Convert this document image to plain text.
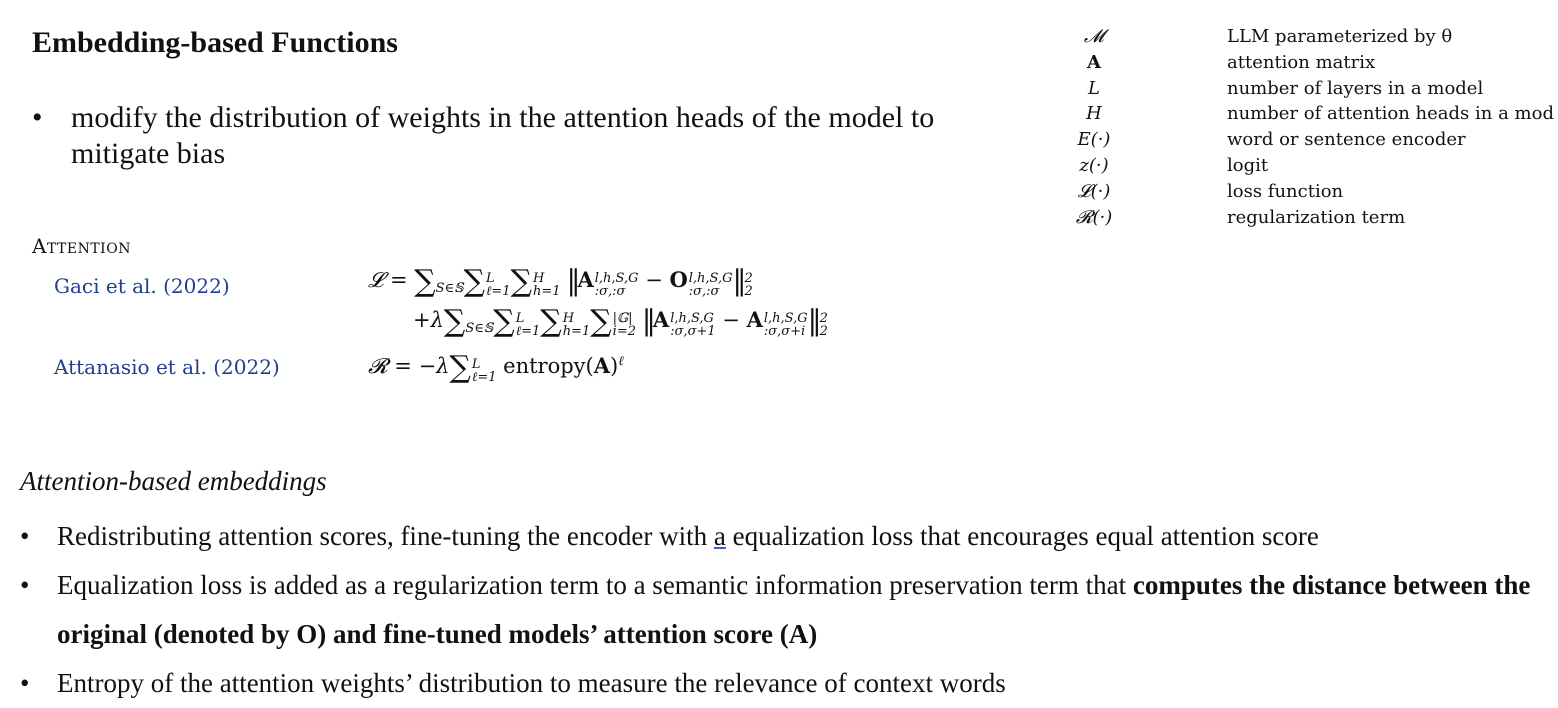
Embedding-based Functions
• modify the distribution of weights in the attention heads of the model to mitigate bias
𝓜	LLM parameterized by θ
A	attention matrix
L	number of layers in a model
H	number of attention heads in a mod
E(·)	word or sentence encoder
z(·)	logit
𝓛(·)	loss function
𝓡(·)	regularization term
Attention
Gaci et al. (2022)
Attanasio et al. (2022)
𝓛 = $\sum_{S\in 𝕊}\sum$ L
ℓ=1 ∑ H
h=1 ‖A l,h,S,G
:σ,:σ − O l,h,S,G
:σ,:σ ‖ 2
2
$+\lambda\sum_{S\in 𝕊}\sum$ L
ℓ=1 ∑ H
h=1 ∑ |𝔾|
i=2 ‖A l,h,S,G
:σ,σ+1 − A l,h,S,G
:σ,σ+i ‖ 2
2
𝓡 = −λ∑ L
ℓ=1 $entropy(A)^\ell$
Attention-based embeddings
• Redistributing attention scores, fine-tuning the encoder with a equalization loss that encourages equal attention score
• Equalization loss is added as a regularization term to a semantic information preservation term that computes the distance between the original (denoted by O) and fine-tuned models’ attention score (A)
• Entropy of the attention weights’ distribution to measure the relevance of context words
